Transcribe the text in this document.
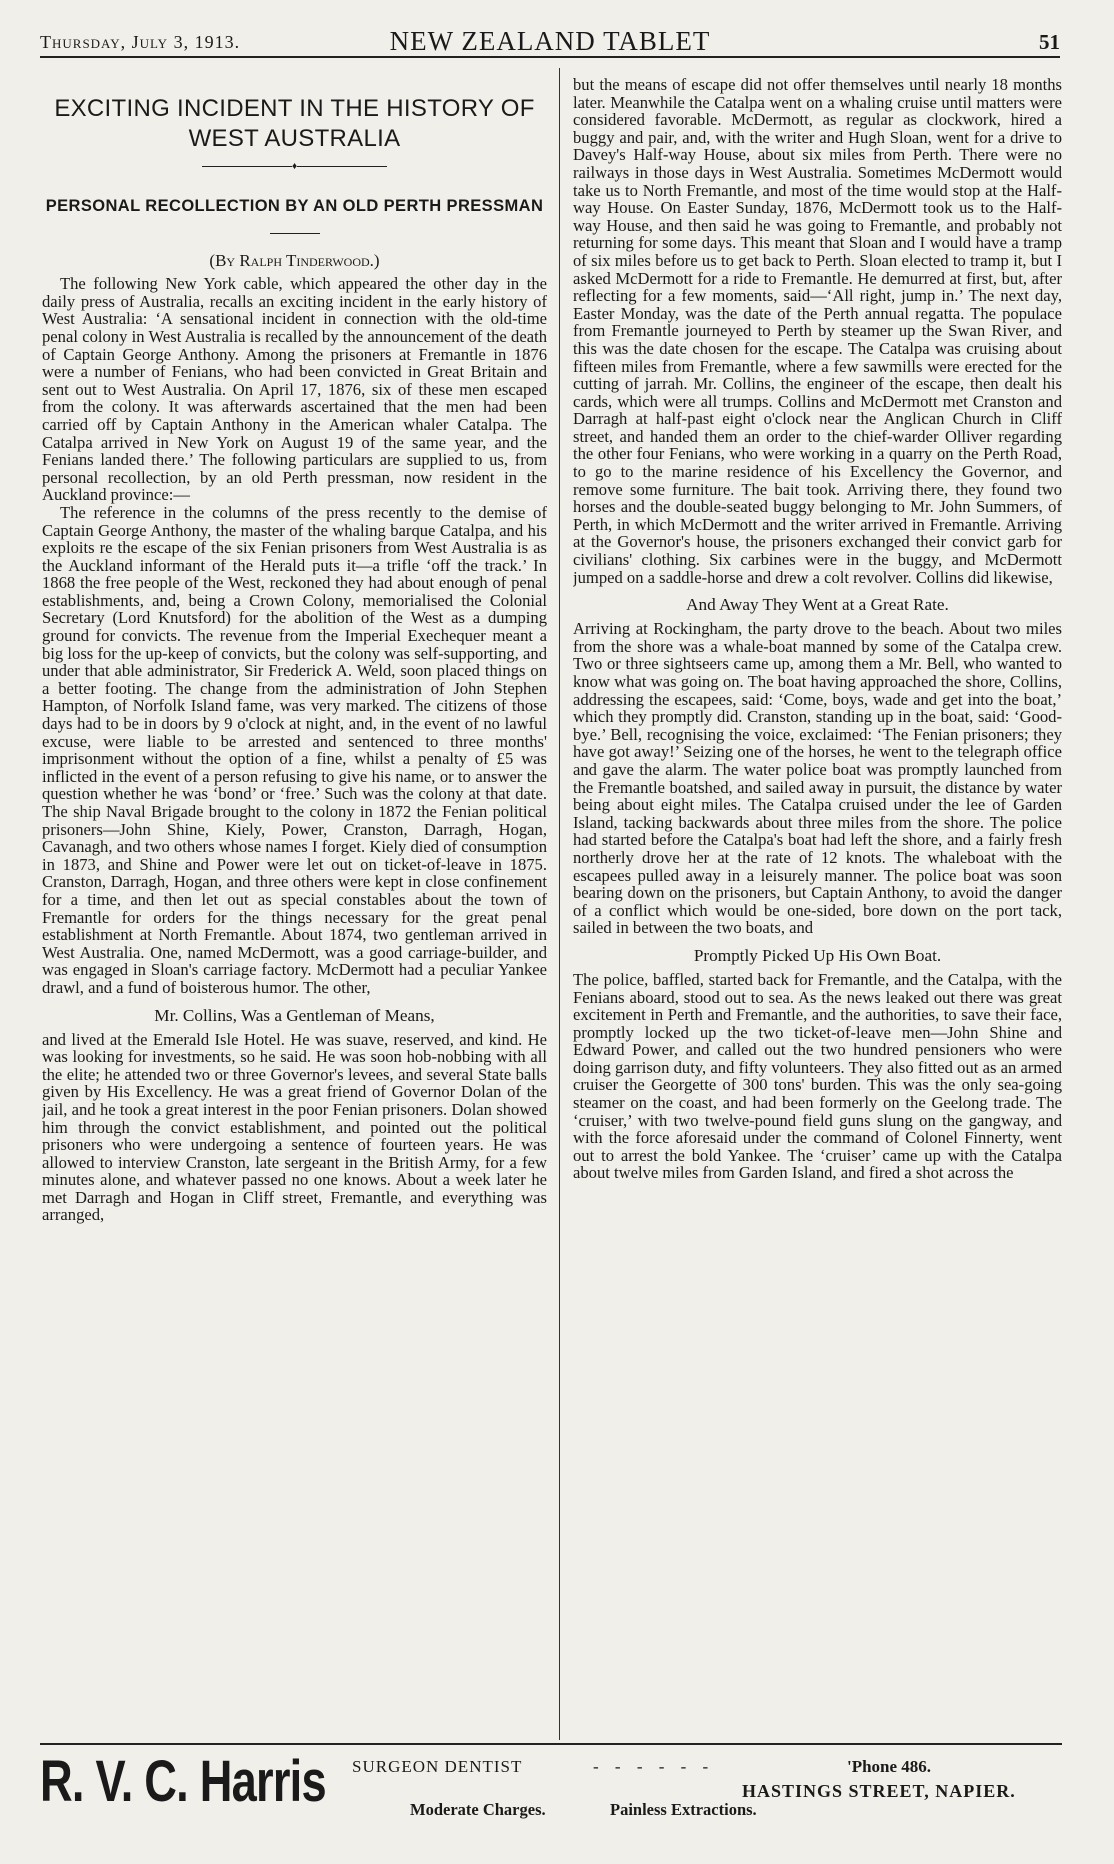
Thursday, July 3, 1913.	NEW ZEALAND TABLET	51
EXCITING INCIDENT IN THE HISTORY OF WEST AUSTRALIA
♦
PERSONAL RECOLLECTION BY AN OLD PERTH PRESSMAN
(By Ralph Tinderwood.)

The following New York cable, which appeared the other day in the daily press of Australia, recalls an exciting incident in the early history of West Australia: ‘A sensational incident in connection with the old-time penal colony in West Australia is recalled by the announcement of the death of Captain George Anthony. Among the prisoners at Fremantle in 1876 were a number of Fenians, who had been convicted in Great Britain and sent out to West Australia. On April 17, 1876, six of these men escaped from the colony. It was afterwards ascertained that the men had been carried off by Captain Anthony in the American whaler Catalpa. The Catalpa arrived in New York on August 19 of the same year, and the Fenians landed there.’ The following particulars are supplied to us, from personal recollection, by an old Perth pressman, now resident in the Auckland province:—

The reference in the columns of the press recently to the demise of Captain George Anthony, the master of the whaling barque Catalpa, and his exploits re the escape of the six Fenian prisoners from West Australia is as the Auckland informant of the Herald puts it—a trifle ‘off the track.’ In 1868 the free people of the West, reckoned they had about enough of penal establishments, and, being a Crown Colony, memorialised the Colonial Secretary (Lord Knutsford) for the abolition of the West as a dumping ground for convicts. The revenue from the Imperial Exechequer meant a big loss for the up-keep of convicts, but the colony was self-supporting, and under that able administrator, Sir Frederick A. Weld, soon placed things on a better footing. The change from the administration of John Stephen Hampton, of Norfolk Island fame, was very marked. The citizens of those days had to be in doors by 9 o'clock at night, and, in the event of no lawful excuse, were liable to be arrested and sentenced to three months' imprisonment without the option of a fine, whilst a penalty of £5 was inflicted in the event of a person refusing to give his name, or to answer the question whether he was ‘bond’ or ‘free.’ Such was the colony at that date. The ship Naval Brigade brought to the colony in 1872 the Fenian political prisoners—John Shine, Kiely, Power, Cranston, Darragh, Hogan, Cavanagh, and two others whose names I forget. Kiely died of consumption in 1873, and Shine and Power were let out on ticket-of-leave in 1875. Cranston, Darragh, Hogan, and three others were kept in close confinement for a time, and then let out as special constables about the town of Fremantle for orders for the things necessary for the great penal establishment at North Fremantle. About 1874, two gentleman arrived in West Australia. One, named McDermott, was a good carriage-builder, and was engaged in Sloan's carriage factory. McDermott had a peculiar Yankee drawl, and a fund of boisterous humor. The other,

Mr. Collins, Was a Gentleman of Means,

and lived at the Emerald Isle Hotel. He was suave, reserved, and kind. He was looking for investments, so he said. He was soon hob-nobbing with all the elite; he attended two or three Governor's levees, and several State balls given by His Excellency. He was a great friend of Governor Dolan of the jail, and he took a great interest in the poor Fenian prisoners. Dolan showed him through the convict establishment, and pointed out the political prisoners who were undergoing a sentence of fourteen years. He was allowed to interview Cranston, late sergeant in the British Army, for a few minutes alone, and whatever passed no one knows. About a week later he met Darragh and Hogan in Cliff street, Fremantle, and everything was arranged,

but the means of escape did not offer themselves until nearly 18 months later. Meanwhile the Catalpa went on a whaling cruise until matters were considered favorable. McDermott, as regular as clockwork, hired a buggy and pair, and, with the writer and Hugh Sloan, went for a drive to Davey's Half-way House, about six miles from Perth. There were no railways in those days in West Australia. Sometimes McDermott would take us to North Fremantle, and most of the time would stop at the Half-way House. On Easter Sunday, 1876, McDermott took us to the Half-way House, and then said he was going to Fremantle, and probably not returning for some days. This meant that Sloan and I would have a tramp of six miles before us to get back to Perth. Sloan elected to tramp it, but I asked McDermott for a ride to Fremantle. He demurred at first, but, after reflecting for a few moments, said—‘All right, jump in.’ The next day, Easter Monday, was the date of the Perth annual regatta. The populace from Fremantle journeyed to Perth by steamer up the Swan River, and this was the date chosen for the escape. The Catalpa was cruising about fifteen miles from Fremantle, where a few sawmills were erected for the cutting of jarrah. Mr. Collins, the engineer of the escape, then dealt his cards, which were all trumps. Collins and McDermott met Cranston and Darragh at half-past eight o'clock near the Anglican Church in Cliff street, and handed them an order to the chief-warder Olliver regarding the other four Fenians, who were working in a quarry on the Perth Road, to go to the marine residence of his Excellency the Governor, and remove some furniture. The bait took. Arriving there, they found two horses and the double-seated buggy belonging to Mr. John Summers, of Perth, in which McDermott and the writer arrived in Fremantle. Arriving at the Governor's house, the prisoners exchanged their convict garb for civilians' clothing. Six carbines were in the buggy, and McDermott jumped on a saddle-horse and drew a colt revolver. Collins did likewise,

And Away They Went at a Great Rate.

Arriving at Rockingham, the party drove to the beach. About two miles from the shore was a whale-boat manned by some of the Catalpa crew. Two or three sightseers came up, among them a Mr. Bell, who wanted to know what was going on. The boat having approached the shore, Collins, addressing the escapees, said: ‘Come, boys, wade and get into the boat,’ which they promptly did. Cranston, standing up in the boat, said: ‘Good-bye.’ Bell, recognising the voice, exclaimed: ‘The Fenian prisoners; they have got away!’ Seizing one of the horses, he went to the telegraph office and gave the alarm. The water police boat was promptly launched from the Fremantle boatshed, and sailed away in pursuit, the distance by water being about eight miles. The Catalpa cruised under the lee of Garden Island, tacking backwards about three miles from the shore. The police had started before the Catalpa's boat had left the shore, and a fairly fresh northerly drove her at the rate of 12 knots. The whaleboat with the escapees pulled away in a leisurely manner. The police boat was soon bearing down on the prisoners, but Captain Anthony, to avoid the danger of a conflict which would be one-sided, bore down on the port tack, sailed in between the two boats, and

Promptly Picked Up His Own Boat.

The police, baffled, started back for Fremantle, and the Catalpa, with the Fenians aboard, stood out to sea. As the news leaked out there was great excitement in Perth and Fremantle, and the authorities, to save their face, promptly locked up the two ticket-of-leave men—John Shine and Edward Power, and called out the two hundred pensioners who were doing garrison duty, and fifty volunteers. They also fitted out as an armed cruiser the Georgette of 300 tons' burden. This was the only sea-going steamer on the coast, and had been formerly on the Geelong trade. The ‘cruiser,’ with two twelve-pound field guns slung on the gangway, and with the force aforesaid under the command of Colonel Finnerty, went out to arrest the bold Yankee. The ‘cruiser’ came up with the Catalpa about twelve miles from Garden Island, and fired a shot across the

R. V. C. Harris SURGEON DENTIST	- - - - - -	'Phone 486.
HASTINGS STREET, NAPIER.
Moderate Charges.	Painless Extractions.
